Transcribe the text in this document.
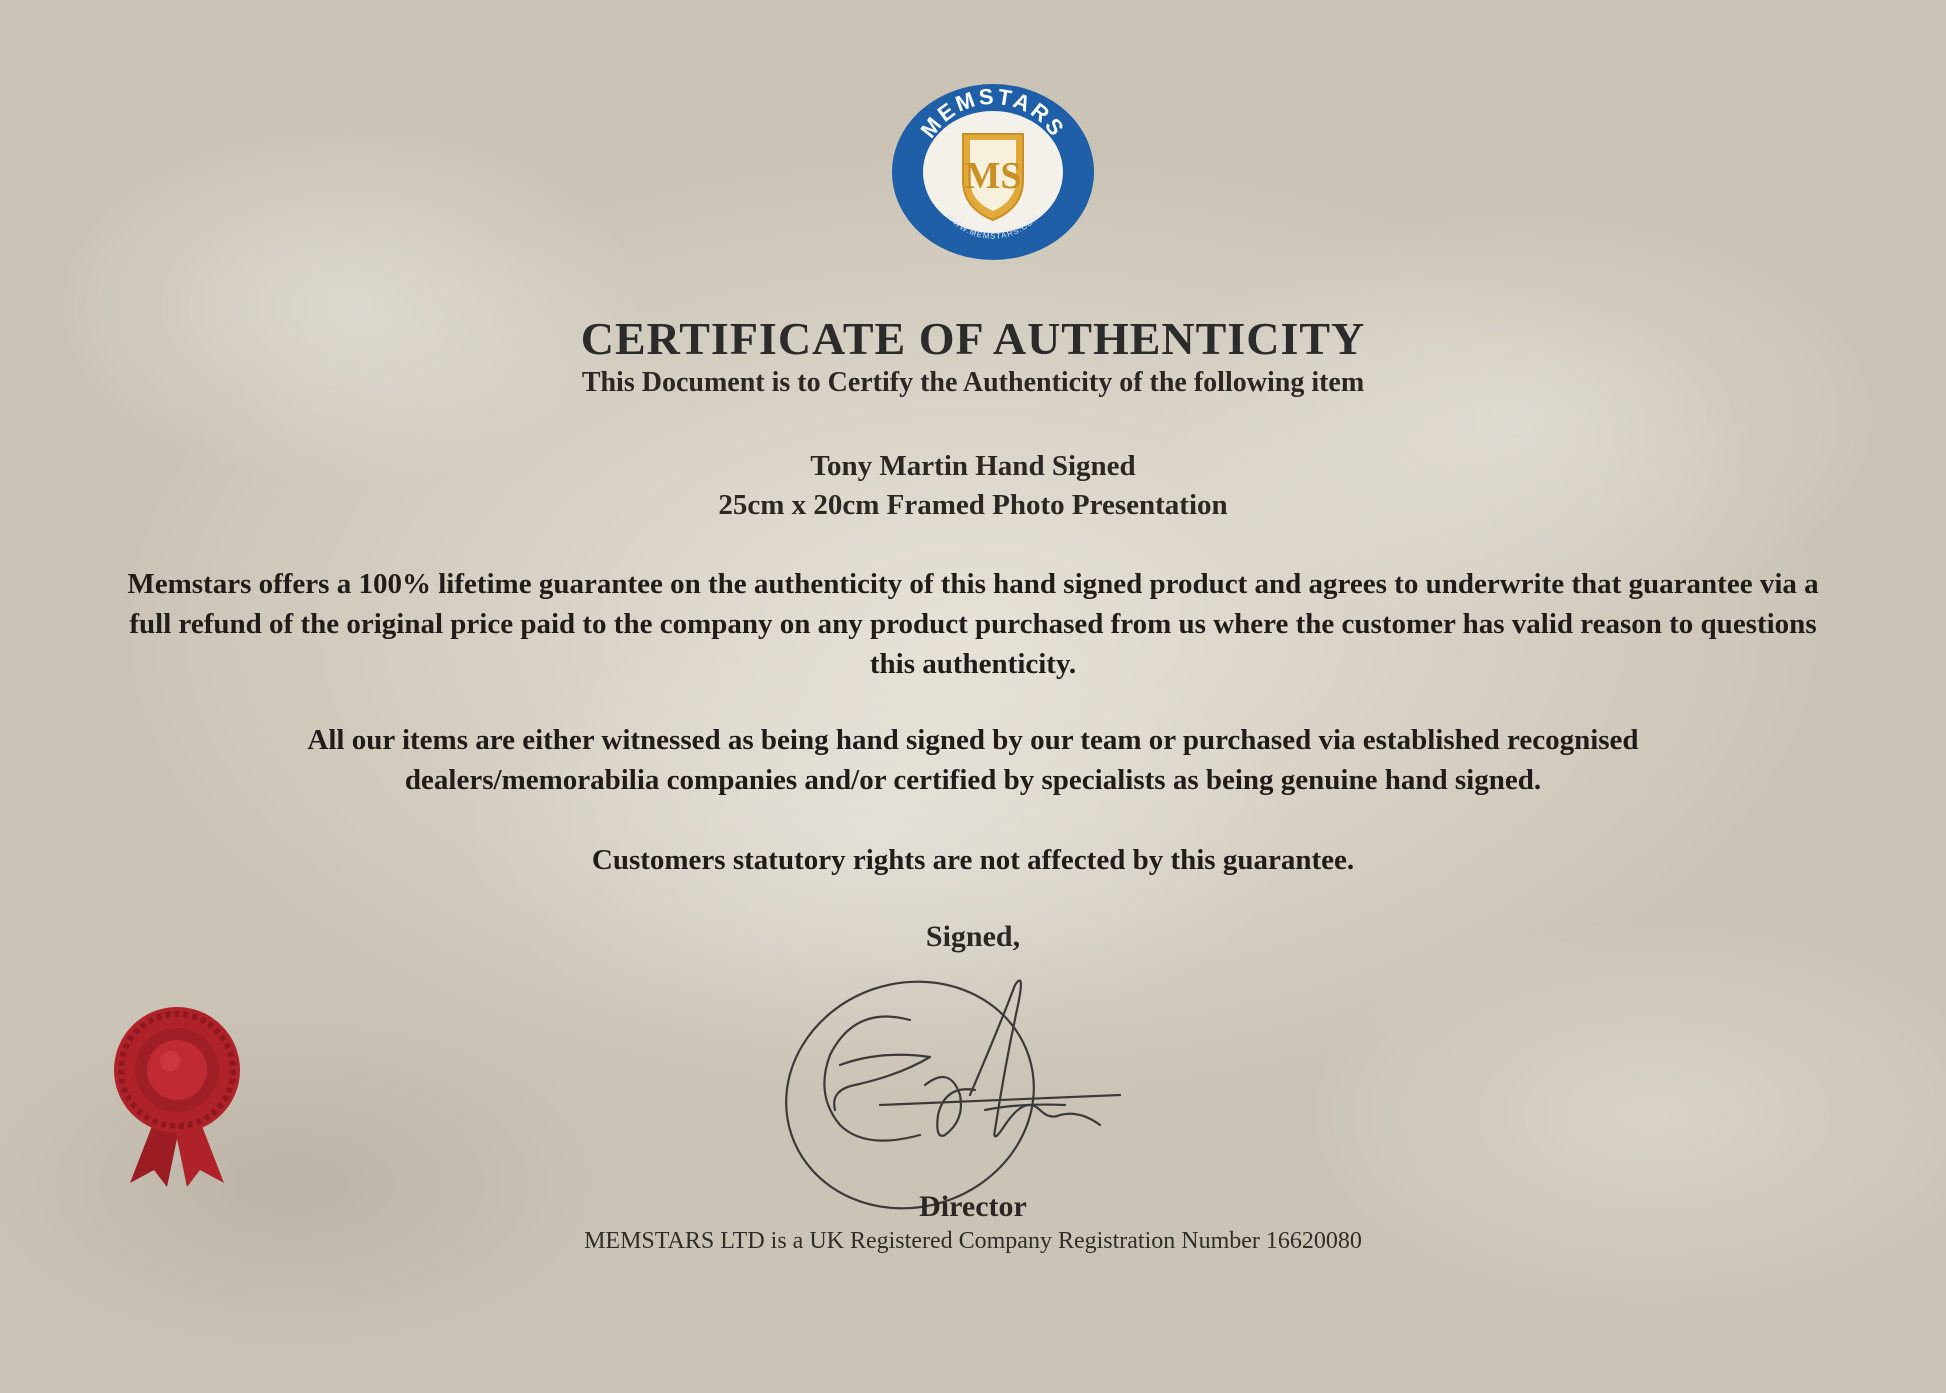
MEMSTARS
WWW.MEMSTARS.COM
MS
CERTIFICATE OF AUTHENTICITY

This Document is to Certify the Authenticity of the following item

Tony Martin Hand Signed
25cm x 20cm Framed Photo Presentation

Memstars offers a 100% lifetime guarantee on the authenticity of this hand signed product and agrees to underwrite that guarantee via a full refund of the original price paid to the company on any product purchased from us where the customer has valid reason to questions this authenticity.

All our items are either witnessed as being hand signed by our team or purchased via established recognised dealers/memorabilia companies and/or certified by specialists as being genuine hand signed.

Customers statutory rights are not affected by this guarantee.

Signed,

Director

MEMSTARS LTD is a UK Registered Company Registration Number 16620080
